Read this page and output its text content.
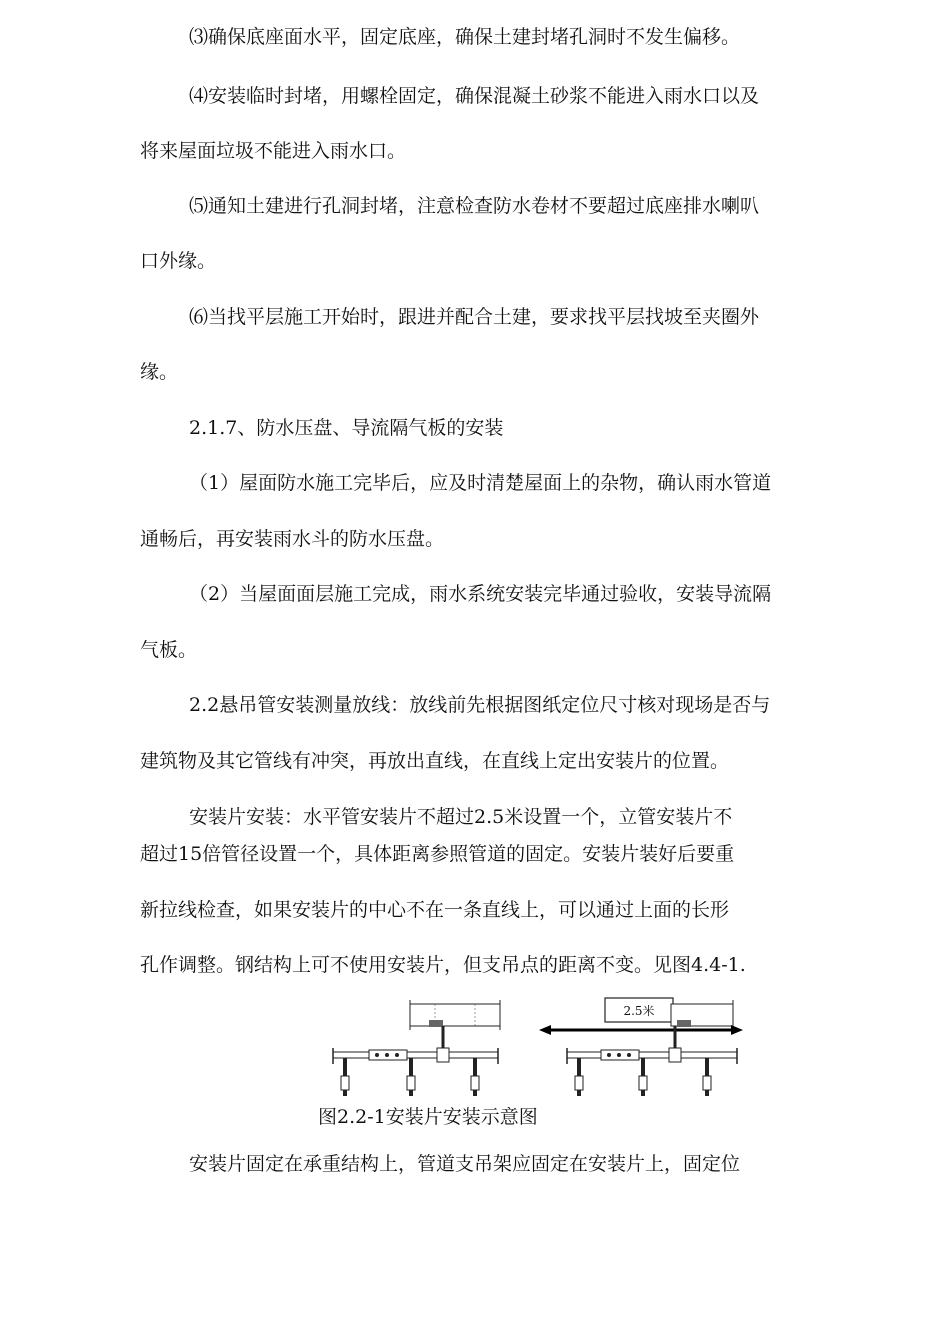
⑶确保底座面水平，固定底座，确保土建封堵孔洞时不发生偏移。
⑷安装临时封堵，用螺栓固定，确保混凝土砂浆不能进入雨水口以及
将来屋面垃圾不能进入雨水口。
⑸通知土建进行孔洞封堵，注意检查防水卷材不要超过底座排水喇叭
口外缘。
⑹当找平层施工开始时，跟进并配合土建，要求找平层找坡至夹圈外
缘。
2.1.7、防水压盘、导流隔气板的安装
（1）屋面防水施工完毕后，应及时清楚屋面上的杂物，确认雨水管道
通畅后，再安装雨水斗的防水压盘。
（2）当屋面面层施工完成，雨水系统安装完毕通过验收，安装导流隔
气板。
2.2悬吊管安装测量放线：放线前先根据图纸定位尺寸核对现场是否与
建筑物及其它管线有冲突，再放出直线，在直线上定出安装片的位置。
安装片安装：水平管安装片不超过2.5米设置一个，立管安装片不
超过15倍管径设置一个，具体距离参照管道的固定。安装片装好后要重
新拉线检查，如果安装片的中心不在一条直线上，可以通过上面的长形
孔作调整。钢结构上可不使用安装片，但支吊点的距离不变。见图4.4-1.
2.5米
图2.2-1安装片安装示意图
安装片固定在承重结构上，管道支吊架应固定在安装片上，固定位
